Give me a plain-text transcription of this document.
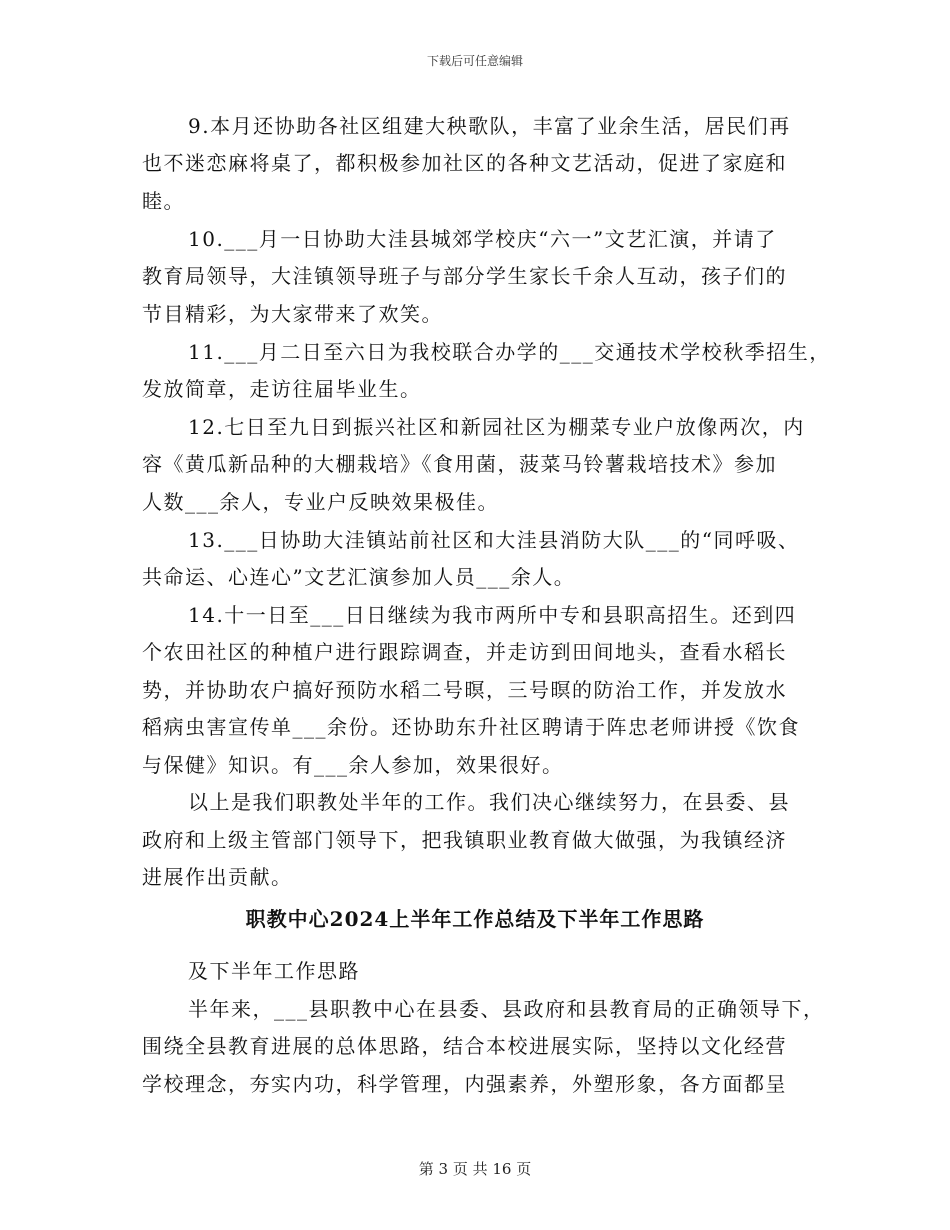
下载后可任意编辑
9.本月还协助各社区组建大秧歌队，丰富了业余生活，居民们再
也不迷恋麻将桌了，都积极参加社区的各种文艺活动，促进了家庭和
睦。
10.___月一日协助大洼县城郊学校庆“六一”文艺汇演，并请了
教育局领导，大洼镇领导班子与部分学生家长千余人互动，孩子们的
节目精彩，为大家带来了欢笑。
11.___月二日至六日为我校联合办学的___交通技术学校秋季招生，
发放简章，走访往届毕业生。
12.七日至九日到振兴社区和新园社区为棚菜专业户放像两次，内
容《黄瓜新品种的大棚栽培》《食用菌，菠菜马铃薯栽培技术》参加
人数___余人，专业户反映效果极佳。
13.___日协助大洼镇站前社区和大洼县消防大队___的“同呼吸、
共命运、心连心”文艺汇演参加人员___余人。
14.十一日至___日日继续为我市两所中专和县职高招生。还到四
个农田社区的种植户进行跟踪调查，并走访到田间地头，查看水稻长
势，并协助农户搞好预防水稻二号暝，三号暝的防治工作，并发放水
稻病虫害宣传单___余份。还协助东升社区聘请于阵忠老师讲授《饮食
与保健》知识。有___余人参加，效果很好。
以上是我们职教处半年的工作。我们决心继续努力，在县委、县
政府和上级主管部门领导下，把我镇职业教育做大做强，为我镇经济
进展作出贡献。
职教中心2024上半年工作总结及下半年工作思路
及下半年工作思路
半年来，___县职教中心在县委、县政府和县教育局的正确领导下，
围绕全县教育进展的总体思路，结合本校进展实际，坚持以文化经营
学校理念，夯实内功，科学管理，内强素养，外塑形象，各方面都呈
第 3 页 共 16 页
